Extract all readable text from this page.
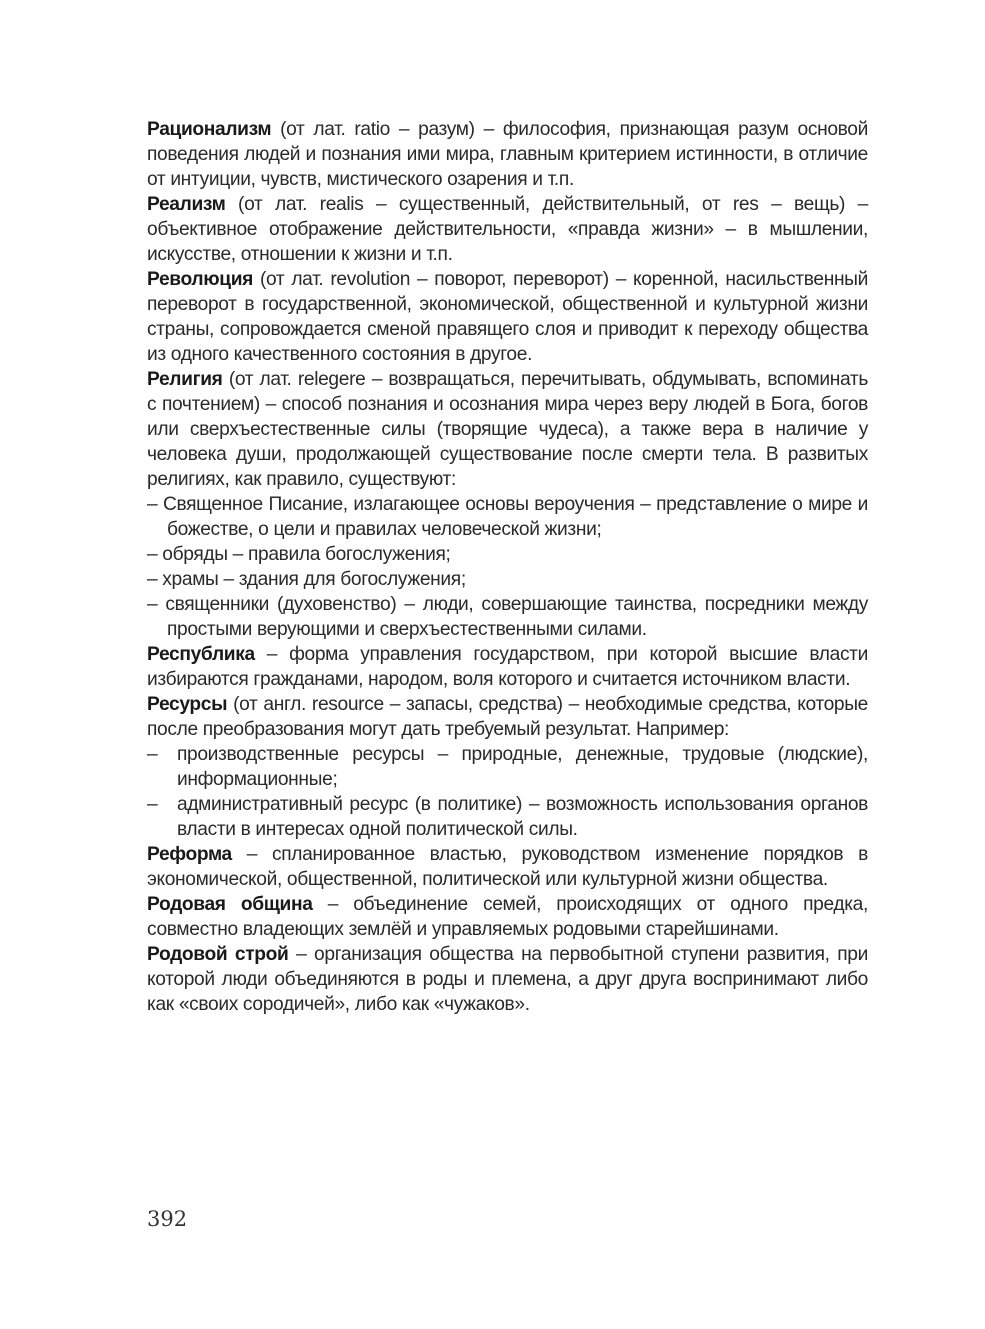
Рационализм (от лат. ratio – разум) – философия, признающая разум основой поведения людей и познания ими мира, главным критерием истинности, в отличие от интуиции, чувств, мистического озарения и т.п.

Реализм (от лат. realis – существенный, действительный, от res – вещь) – объективное отображение действительности, «правда жизни» – в мышлении, искусстве, отношении к жизни и т.п.

Революция (от лат. revolution – поворот, переворот) – коренной, насильственный переворот в государственной, экономической, общественной и культурной жизни страны, сопровождается сменой правящего слоя и приводит к переходу общества из одного качественного состояния в другое.

Религия (от лат. relegere – возвращаться, перечитывать, обдумывать, вспоминать с почтением) – способ познания и осознания мира через веру людей в Бога, богов или сверхъестественные силы (творящие чудеса), а также вера в наличие у человека души, продолжающей существование после смерти тела. В развитых религиях, как правило, существуют:

– Священное Писание, излагающее основы вероучения – представление о мире и божестве, о цели и правилах человеческой жизни;
– обряды – правила богослужения;
– храмы – здания для богослужения;
– священники (духовенство) – люди, совершающие таинства, посредники между простыми верующими и сверхъестественными силами.

Республика – форма управления государством, при которой высшие власти избираются гражданами, народом, воля которого и считается источником власти.

Ресурсы (от англ. resource – запасы, средства) – необходимые средства, которые после преобразования могут дать требуемый результат. Например:

– производственные ресурсы – природные, денежные, трудовые (людские), информационные;
– административный ресурс (в политике) – возможность использования органов власти в интересах одной политической силы.

Реформа – спланированное властью, руководством изменение порядков в экономической, общественной, политической или культурной жизни общества.

Родовая община – объединение семей, происходящих от одного предка, совместно владеющих землёй и управляемых родовыми старейшинами.

Родовой строй – организация общества на первобытной ступени развития, при которой люди объединяются в роды и племена, а друг друга воспринимают либо как «своих сородичей», либо как «чужаков».

392
